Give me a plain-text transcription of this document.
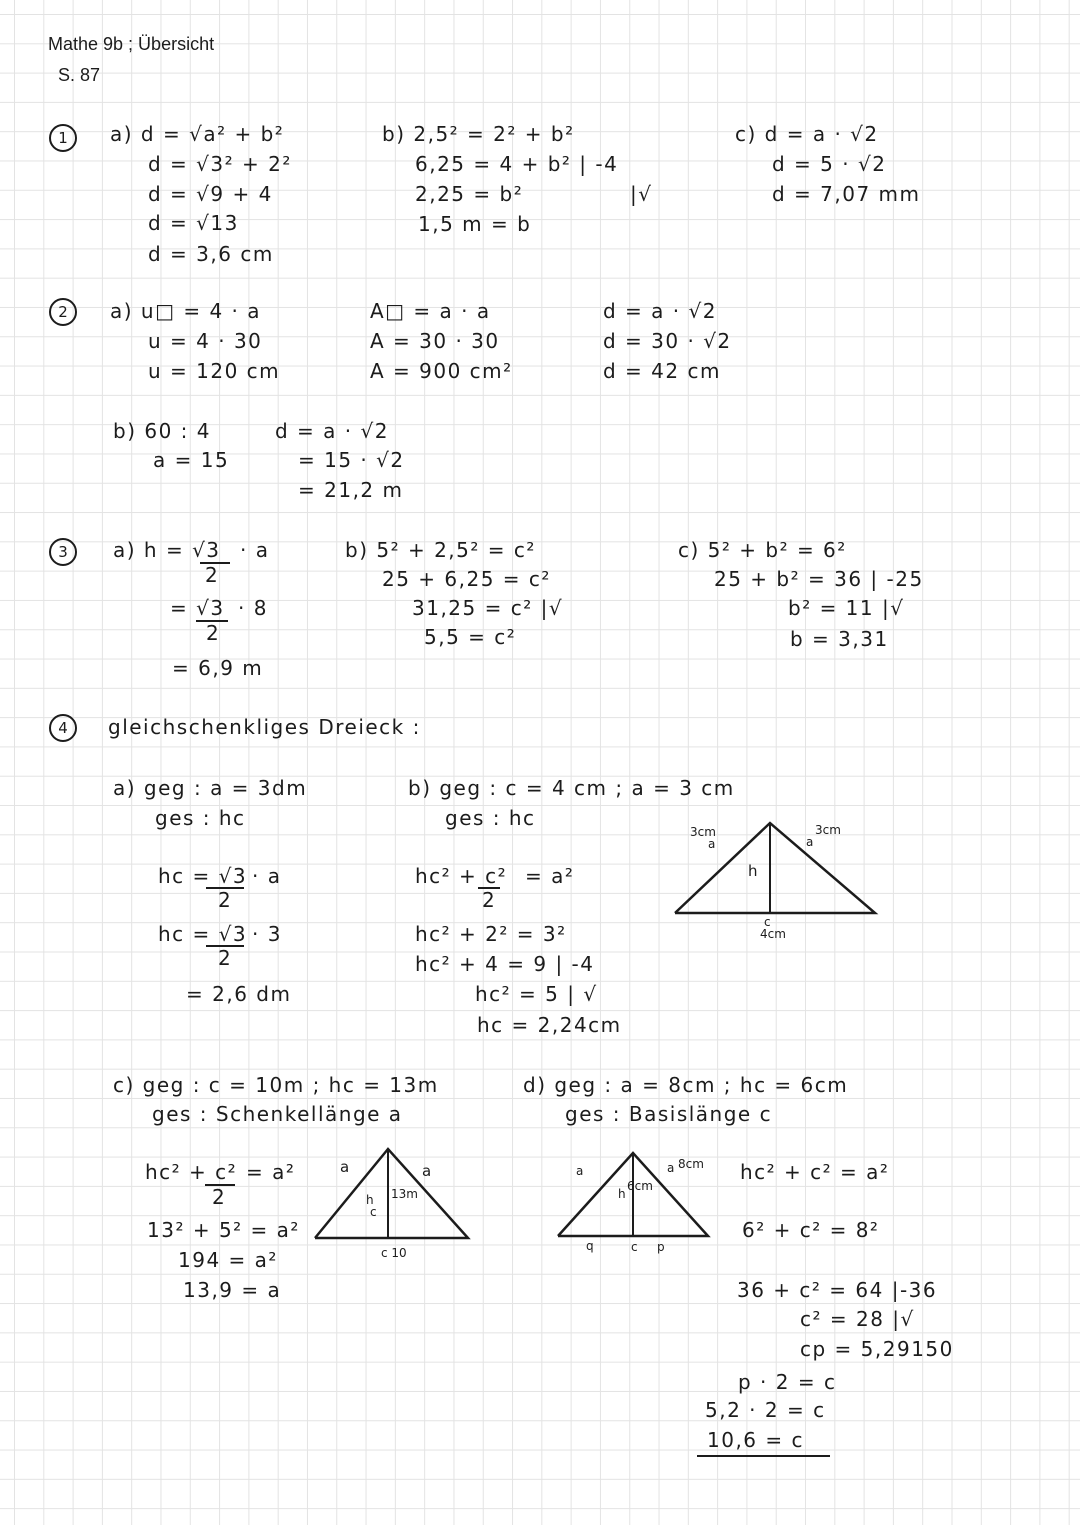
Mathe 9b ; Übersicht
S. 87
1	a) d = √a² + b²
d = √3² + 2²
d = √9 + 4
d = √13
d = 3,6 cm
b) 2,5² = 2² + b²
6,25 = 4 + b² | -4
|√
2,25 = b²
1,5 m = b
c) d = a · √2
d = 5 · √2
d = 7,07 mm
2	a) u□ = 4 · a
u = 4 · 30
u = 120 cm
A□ = a · a
A = 30 · 30
A = 900 cm²
d = a · √2
d = 30 · √2
d = 42 cm
b) 60 : 4
a = 15
d = a · √2
= 15 · √2
= 21,2 m
3	a) h = √3 · a
2
= √3 · 8
2
= 6,9 m
b) 5² + 2,5² = c²
25 + 6,25 = c²
31,25 = c² |√
5,5 = c²
c) 5² + b² = 6²
25 + b² = 36 | -25
b² = 11 |√
b = 3,31
4	gleichschenkliges Dreieck :
a) geg : a = 3dm
ges : hc
hc = √3 · a
2
hc = √3 · 3
2
= 2,6 dm
b) geg : c = 4 cm ; a = 3 cm
ges : hc
hc² + c² = a²
2
hc² + 2² = 3²
hc² + 4 = 9 | -4
hc² = 5 | √
hc = 2,24cm
3cm
a
3cm
a
h
c
4cm
c) geg : c = 10m ; hc = 13m
ges : Schenkellänge a
hc² + c² = a²
2
13² + 5² = a²
194 = a²
13,9 = a
a	a
h
c
13m
c 10
d) geg : a = 8cm ; hc = 6cm
ges : Basislänge c
hc² + c² = a²
6² + c² = 8²
36 + c² = 64 |-36
c² = 28 |√
cp = 5,29150
p · 2 = c
5,2 · 2 = c
10,6 = c
a	a 8cm
h
6cm
q	c p
